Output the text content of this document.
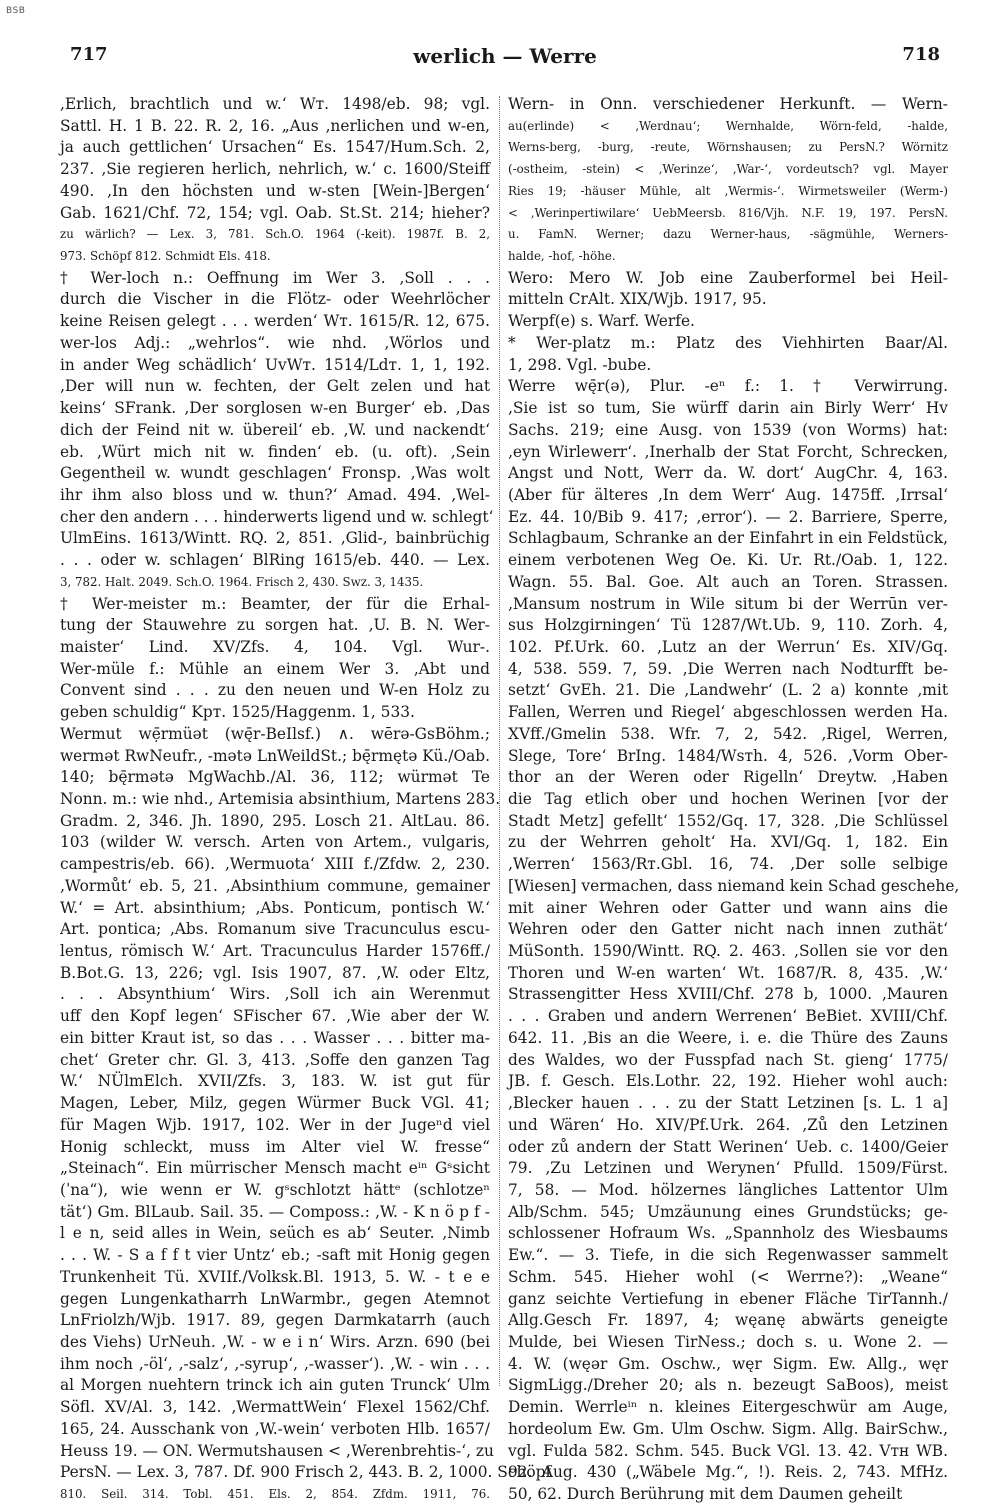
BSB
717	werlich — Werre	718
,Erlich, brachtlich und w.‘ Wт. 1498/eb. 98; vgl.
Sattl. H. 1 B. 22. R. 2, 16. „Aus ‚nerlichen und w-en,
ja auch gettlichen‘ Ursachen“ Es. 1547/Hum.Sch. 2,
237. ‚Sie regieren herlich, nehrlich, w.‘ c. 1600/Steiff
490. ‚In den höchsten und w-sten [Wein-]Bergen‘
Gab. 1621/Chf. 72, 154; vgl. Oab. St.St. 214; hieher?
zu wärlich? — Lex. 3, 781. Sch.O. 1964 (-keit). 1987f. B. 2,
973. Schöpf 812. Schmidt Els. 418.
† Wer-loch n.: Oeffnung im Wer 3. ‚Soll . . .
durch die Vischer in die Flötz- oder Weehrlöcher
keine Reisen gelegt . . . werden‘ Wт. 1615/R. 12, 675.
wer-los Adj.: „wehrlos“. wie nhd. ‚Wörlos und
in ander Weg schädlich‘ UvWт. 1514/Ldт. 1, 1, 192.
‚Der will nun w. fechten, der Gelt zelen und hat
keins‘ SFrank. ‚Der sorglosen w-en Burger‘ eb. ‚Das
dich der Feind nit w. übereil‘ eb. ‚W. und nackendt‘
eb. ‚Würt mich nit w. finden‘ eb. (u. oft). ‚Sein
Gegentheil w. wundt geschlagen‘ Fronsp. ‚Was wolt
ihr ihm also bloss und w. thun?‘ Amad. 494. ‚Wel-
cher den andern . . . hinderwerts ligend und w. schlegt‘
UlmEins. 1613/Wintt. RQ. 2, 851. ‚Glid-, bainbrüchig
. . . oder w. schlagen‘ BlRing 1615/eb. 440. — Lex.
3, 782. Halt. 2049. Sch.O. 1964. Frisch 2, 430. Swz. 3, 1435.
† Wer-meister m.: Beamter, der für die Erhal-
tung der Stauwehre zu sorgen hat. ‚U. B. N. Wer-
maister‘ Lind. XV/Zfs. 4, 104. Vgl. Wur-.
Wer-müle f.: Mühle an einem Wer 3. ‚Abt und
Convent sind . . . zu den neuen und W-en Holz zu
geben schuldig“ Kpт. 1525/Haggenm. 1, 533.
Wermut wẹ̄rmüət (wę̄r-BeIlsf.) ∧. wērə-GsBöhm.;
wermət RwNeufr., -mətə LnWeildSt.; bę̄rmętə Kü./Oab.
140; bę̄rmətə MgWachb./Al. 36, 112; würmət Te
Nonn. m.: wie nhd., Artemisia absinthium, Martens 283.
Gradm. 2, 346. Jh. 1890, 295. Losch 21. AltLau. 86.
103 (wilder W. versch. Arten von Artem., vulgaris,
campestris/eb. 66). ‚Wermuota‘ XIII f./Zfdw. 2, 230.
‚Wormůt‘ eb. 5, 21. ‚Absinthium commune, gemainer
W.‘ = Art. absinthium; ‚Abs. Ponticum, pontisch W.‘
Art. pontica; ‚Abs. Romanum sive Tracunculus escu-
lentus, römisch W.‘ Art. Tracunculus Harder 1576ff./
B.Bot.G. 13, 226; vgl. Isis 1907, 87. ‚W. oder Eltz,
. . . Absynthium‘ Wirs. ‚Soll ich ain Werenmut
uff den Kopf legen‘ SFischer 67. ‚Wie aber der W.
ein bitter Kraut ist, so das . . . Wasser . . . bitter ma-
chet‘ Greter chr. Gl. 3, 413. ‚Soffe den ganzen Tag
W.‘ NÜlmElch. XVII/Zfs. 3, 183. W. ist gut für
Magen, Leber, Milz, gegen Würmer Buck VGl. 41;
für Magen Wjb. 1917, 102. Wer in der Jugeⁿd viel
Honig schleckt, muss im Alter viel W. fresse“
„Steinach“. Ein mürrischer Mensch macht eⁱⁿ Gˢsicht
(ˈna“), wie wenn er W. gˢschlotzt hättᵉ (schlotzeⁿ
tät‘) Gm. BlLaub. Sail. 35. — Composs.: ‚W. - K n ö p f -
l e n, seid alles in Wein, seüch es ab‘ Seuter. ‚Nimb
. . . W. - S a f f t vier Untz‘ eb.; -saft mit Honig gegen
Trunkenheit Tü. XVIIf./Volksk.Bl. 1913, 5. W. - t e e
gegen Lungenkatharrh LnWarmbr., gegen Atemnot
LnFriolzh/Wjb. 1917. 89, gegen Darmkatarrh (auch
des Viehs) UrNeuh. ‚W. - w e i n‘ Wirs. Arzn. 690 (bei
ihm noch ‚-öl‘, ‚-salz‘, ‚-syrup‘, ‚-wasser‘). ‚W. - win . . .
al Morgen nuehtern trinck ich ain guten Trunck‘ Ulm
Söfl. XV/Al. 3, 142. ‚WermattWein‘ Flexel 1562/Chf.
165, 24. Ausschank von ‚W.-wein‘ verboten Hlb. 1657/
Heuss 19. — ON. Wermutshausen < ‚Werenbrehtis-‘, zu
PersN. — Lex. 3, 787. Df. 900 Frisch 2, 443. B. 2, 1000. Schöpf
810. Seil. 314. Tobl. 451. Els. 2, 854. Zfdm. 1911, 76.
Wern- in Onn. verschiedener Herkunft. — Wern-
au(erlinde) < ‚Werdnau‘; Wernhalde, Wörn-feld, -halde,
Werns-berg, -burg, -reute, Wörnshausen; zu PersN.? Wörnitz
(-ostheim, -stein) < ‚Werinze‘, ‚War-‘, vordeutsch? vgl. Mayer
Ries 19; -häuser Mühle, alt ‚Wermis-‘. Wirmetsweiler (Werm-)
< ‚Werinpertiwilare‘ UebMeersb. 816/Vjh. N.F. 19, 197. PersN.
u. FamN. Werner; dazu Werner-haus, -sägmühle, Werners-
halde, -hof, -höhe.
Wero: Mero W. Job eine Zauberformel bei Heil-
mitteln CrAlt. XIX/Wjb. 1917, 95.
Werpf(e) s. Warf. Werfe.
* Wer-platz m.: Platz des Viehhirten Baar/Al.
1, 298. Vgl. -bube.
Werre wę̄r(ə), Plur. -eⁿ f.: 1. † Verwirrung.
‚Sie ist so tum, Sie würff darin ain Birly Werr‘ Hv
Sachs. 219; eine Ausg. von 1539 (von Worms) hat:
‚eyn Wirlewerr‘. ‚Inerhalb der Stat Forcht, Schrecken,
Angst und Nott, Werr da. W. dort‘ AugChr. 4, 163.
(Aber für älteres ‚In dem Werr‘ Aug. 1475ff. ‚Irrsal‘
Ez. 44. 10/Bib 9. 417; ‚error‘). — 2. Barriere, Sperre,
Schlagbaum, Schranke an der Einfahrt in ein Feldstück,
einem verbotenen Weg Oe. Ki. Ur. Rt./Oab. 1, 122.
Wagn. 55. Bal. Goe. Alt auch an Toren. Strassen.
‚Mansum nostrum in Wile situm bi der Werrūn ver-
sus Holzgirningen‘ Tü 1287/Wt.Ub. 9, 110. Zorh. 4,
102. Pf.Urk. 60. ‚Lutz an der Werrun‘ Es. XIV/Gq.
4, 538. 559. 7, 59. ‚Die Werren nach Nodturfft be-
setzt‘ GvEh. 21. Die ‚Landwehr‘ (L. 2 a) konnte ‚mit
Fallen, Werren und Riegel‘ abgeschlossen werden Ha.
XVff./Gmelin 538. Wfr. 7, 2, 542. ‚Rigel, Werren,
Slege, Tore‘ BrIng. 1484/Wsтh. 4, 526. ‚Vorm Ober-
thor an der Weren oder Rigelln‘ Dreytw. ‚Haben
die Tag etlich ober und hochen Werinen [vor der
Stadt Metz] gefellt‘ 1552/Gq. 17, 328. ‚Die Schlüssel
zu der Wehrren geholt‘ Ha. XVI/Gq. 1, 182. Ein
‚Werren‘ 1563/Rт.Gbl. 16, 74. ‚Der solle selbige
[Wiesen] vermachen, dass niemand kein Schad geschehe,
mit ainer Wehren oder Gatter und wann ains die
Wehren oder den Gatter nicht nach innen zuthät‘
MüSonth. 1590/Wintt. RQ. 2. 463. ‚Sollen sie vor den
Thoren und W-en warten‘ Wt. 1687/R. 8, 435. ‚W.‘
Strassengitter Hess XVIII/Chf. 278 b, 1000. ‚Mauren
. . . Graben und andern Werrenen‘ BeBiet. XVIII/Chf.
642. 11. ‚Bis an die Weere, i. e. die Thüre des Zauns
des Waldes, wo der Fusspfad nach St. gieng‘ 1775/
JB. f. Gesch. Els.Lothr. 22, 192. Hieher wohl auch:
‚Blecker hauen . . . zu der Statt Letzinen [s. L. 1 a]
und Wären‘ Ho. XIV/Pf.Urk. 264. ‚Zů den Letzinen
oder zů andern der Statt Werinen‘ Ueb. c. 1400/Geier
79. ‚Zu Letzinen und Werynen‘ Pfulld. 1509/Fürst.
7, 58. — Mod. hölzernes längliches Lattentor Ulm
Alb/Schm. 545; Umzäunung eines Grundstücks; ge-
schlossener Hofraum Ws. „Spannholz des Wiesbaums
Ew.“. — 3. Tiefe, in die sich Regenwasser sammelt
Schm. 545. Hieher wohl (< Werrne?): „Weane“
ganz seichte Vertiefung in ebener Fläche TirTannh./
Allg.Gesch Fr. 1897, 4; węanę abwärts geneigte
Mulde, bei Wiesen TirNess.; doch s. u. Wone 2. —
4. W. (węər Gm. Oschw., węr Sigm. Ew. Allg., węr
SigmLigg./Dreher 20; als n. bezeugt SaBoos), meist
Demin. Werrleⁱⁿ n. kleines Eitergeschwür am Auge,
hordeolum Ew. Gm. Ulm Oschw. Sigm. Allg. BairSchw.,
vgl. Fulda 582. Schm. 545. Buck VGl. 13. 42. Vтн WB.
92. Aug. 430 („Wäbele Mg.“, !). Reis. 2, 743. MfHz.
50, 62. Durch Berührung mit dem Daumen geheilt
